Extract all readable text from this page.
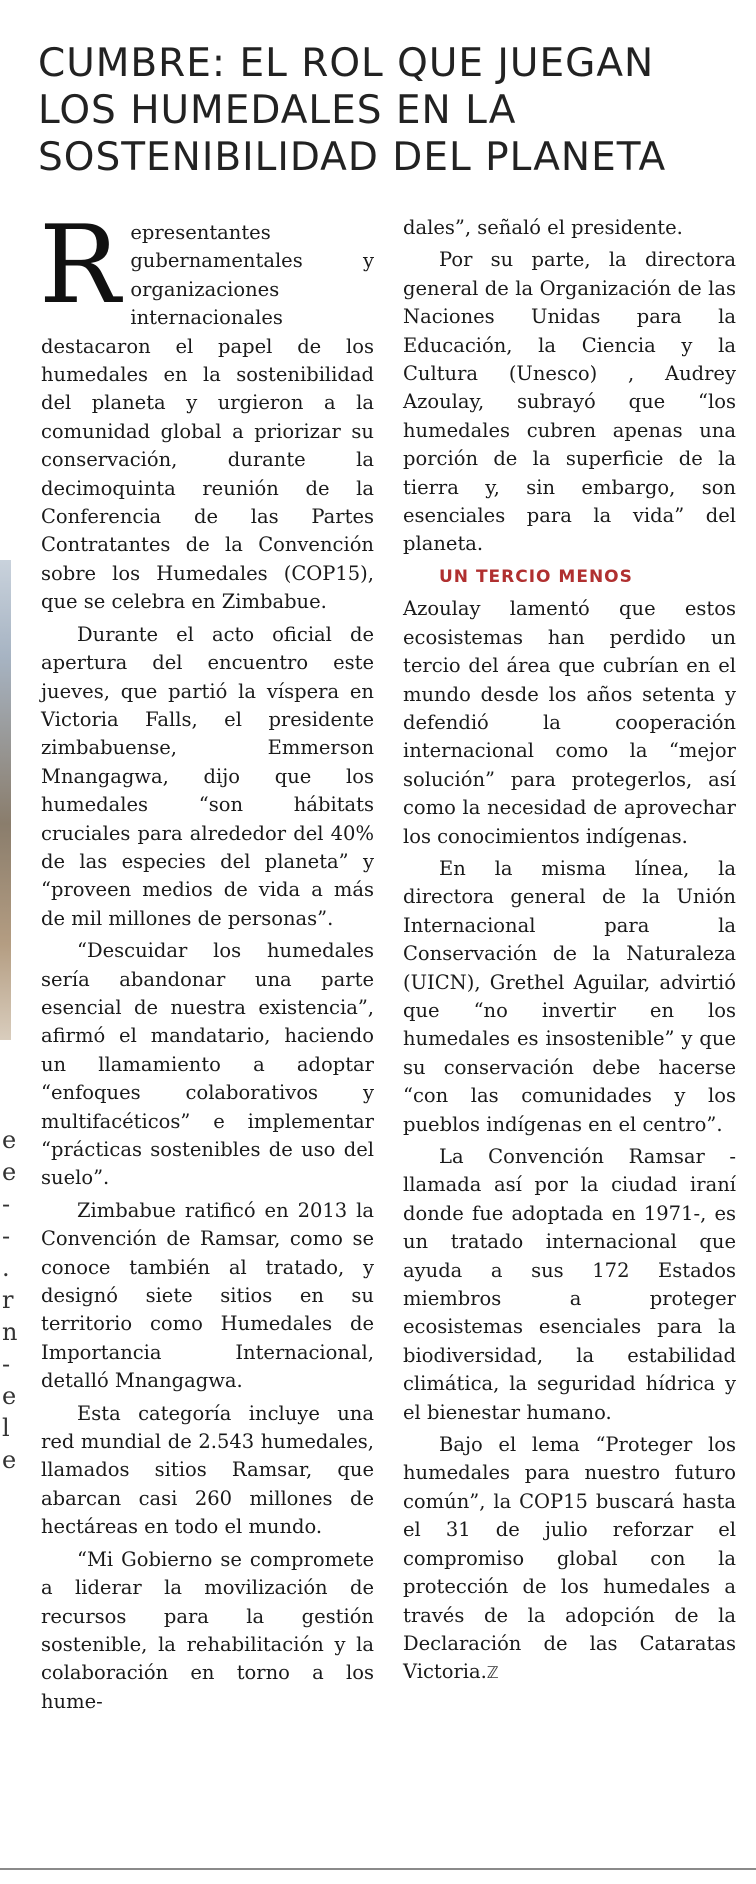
e
e
-
-
.
r
n
-
e
l
e
CUMBRE: EL ROL QUE JUEGAN
LOS HUMEDALES EN LA
SOSTENIBILIDAD DEL PLANETA

Representantes gubernamentales y organizaciones internacionales destacaron el papel de los humedales en la sostenibilidad del planeta y urgieron a la comunidad global a priorizar su conservación, durante la decimoquinta reunión de la Conferencia de las Partes Contratantes de la Convención sobre los Humedales (COP15), que se celebra en Zimbabue.

Durante el acto oficial de apertura del encuentro este jueves, que partió la víspera en Victoria Falls, el presidente zimbabuense, Emmerson Mnangagwa, dijo que los humedales “son hábitats cruciales para alrededor del 40% de las especies del planeta” y “proveen medios de vida a más de mil millones de personas”.

“Descuidar los humedales sería abandonar una parte esencial de nuestra existencia”, afirmó el mandatario, haciendo un llamamiento a adoptar “enfoques colaborativos y multifacéticos” e implementar “prácticas sostenibles de uso del suelo”.

Zimbabue ratificó en 2013 la Convención de Ramsar, como se conoce también al tratado, y designó siete sitios en su territorio como Humedales de Importancia Internacional, detalló Mnangagwa.

Esta categoría incluye una red mundial de 2.543 humedales, llamados sitios Ramsar, que abarcan casi 260 millones de hectáreas en todo el mundo.

“Mi Gobierno se compromete a liderar la movilización de recursos para la gestión sostenible, la rehabilitación y la colaboración en torno a los hume-

dales”, señaló el presidente.

Por su parte, la directora general de la Organización de las Naciones Unidas para la Educación, la Ciencia y la Cultura (Unesco) , Audrey Azoulay, subrayó que “los humedales cubren apenas una porción de la superficie de la tierra y, sin embargo, son esenciales para la vida” del planeta.

UN TERCIO MENOS

Azoulay lamentó que estos ecosistemas han perdido un tercio del área que cubrían en el mundo desde los años setenta y defendió la cooperación internacional como la “mejor solución” para protegerlos, así como la necesidad de aprovechar los conocimientos indígenas.

En la misma línea, la directora general de la Unión Internacional para la Conservación de la Naturaleza (UICN), Grethel Aguilar, advirtió que “no invertir en los humedales es insostenible” y que su conservación debe hacerse “con las comunidades y los pueblos indígenas en el centro”.

La Convención Ramsar -llamada así por la ciudad iraní donde fue adoptada en 1971-, es un tratado internacional que ayuda a sus 172 Estados miembros a proteger ecosistemas esenciales para la biodiversidad, la estabilidad climática, la seguridad hídrica y el bienestar humano.

Bajo el lema “Proteger los humedales para nuestro futuro común”, la COP15 buscará hasta el 31 de julio reforzar el compromiso global con la protección de los humedales a través de la adopción de la Declaración de las Cataratas Victoria.ℤ
